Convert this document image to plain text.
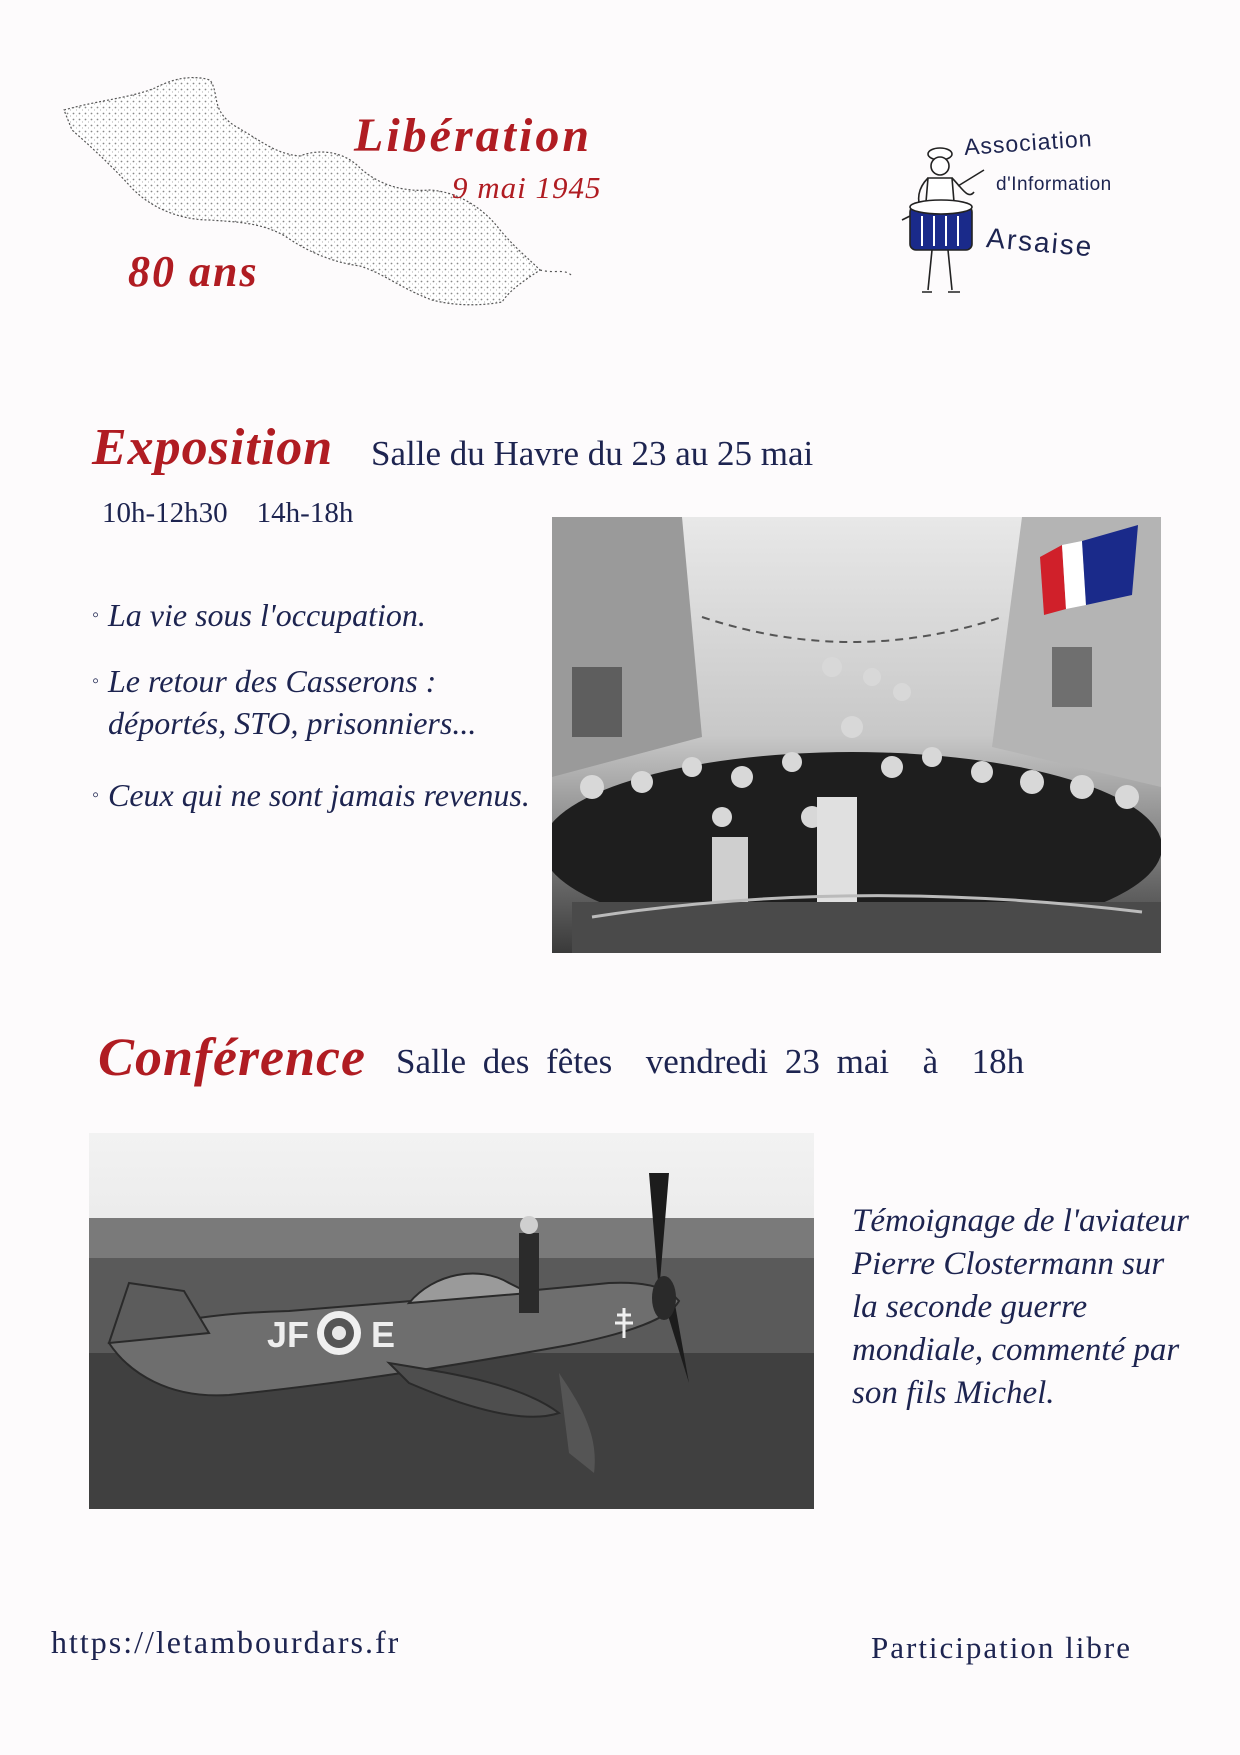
Libération
9 mai 1945
80 ans
Association
d'Information
Arsaise
Exposition Salle du Havre du 23 au 25 mai
10h-12h30    14h-18h
◦ La vie sous l'occupation.
◦ Le retour des Casserons : déportés, STO, prisonniers...
◦ Ceux qui ne sont jamais revenus.
Conférence Salle des fêtes  vendredi 23 mai  à  18h
JF E
Témoignage de l'aviateur Pierre Clostermann sur la seconde guerre mondiale, commenté par son fils Michel.
https://letambourdars.fr	Participation libre
